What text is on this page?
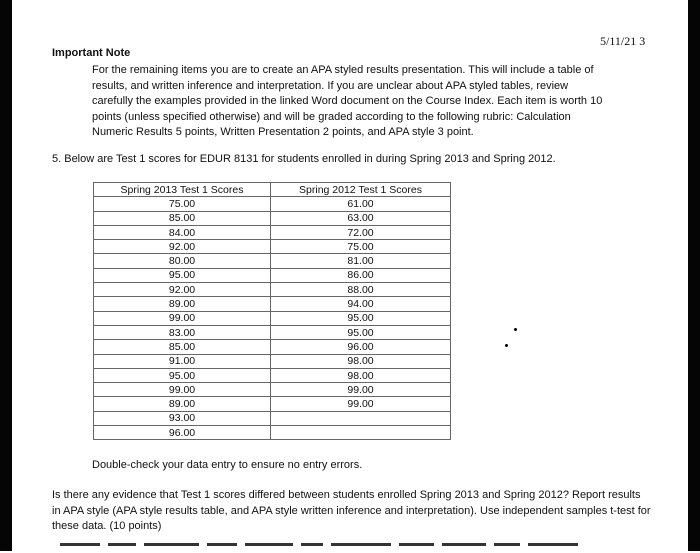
5/11/21 3
Important Note
For the remaining items you are to create an APA styled results presentation. This will include a table of results, and written inference and interpretation. If you are unclear about APA styled tables, review carefully the examples provided in the linked Word document on the Course Index. Each item is worth 10 points (unless specified otherwise) and will be graded according to the following rubric: Calculation Numeric Results 5 points, Written Presentation 2 points, and APA style 3 point.
5. Below are Test 1 scores for EDUR 8131 for students enrolled in during Spring 2013 and Spring 2012.
Spring 2013 Test 1 Scores	Spring 2012 Test 1 Scores
75.00	61.00
85.00	63.00
84.00	72.00
92.00	75.00
80.00	81.00
95.00	86.00
92.00	88.00
89.00	94.00
99.00	95.00
83.00	95.00
85.00	96.00
91.00	98.00
95.00	98.00
99.00	99.00
89.00	99.00
93.00	
96.00	
Double-check your data entry to ensure no entry errors.
Is there any evidence that Test 1 scores differed between students enrolled Spring 2013 and Spring 2012? Report results in APA style (APA style results table, and APA style written inference and interpretation). Use independent samples t-test for these data. (10 points)
